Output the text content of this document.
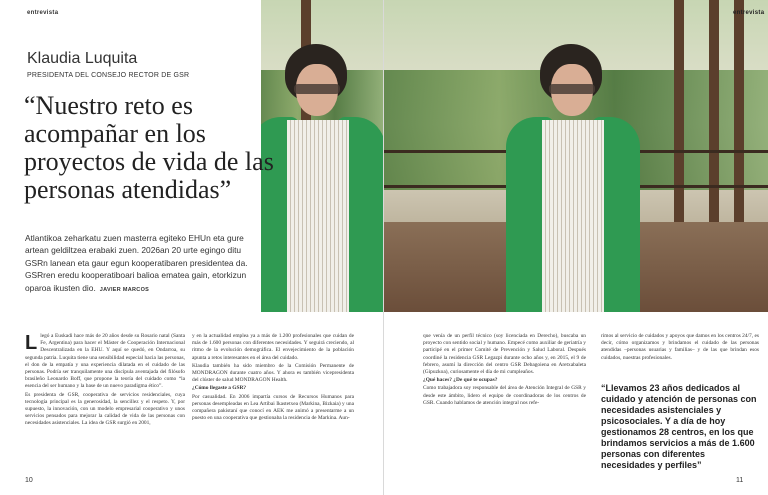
entrevista
Klaudia Luquita
PRESIDENTA DEL CONSEJO RECTOR DE GSR
“Nuestro reto es acompañar en los proyectos de vida de las personas atendidas”

Atlantikoa zeharkatu zuen masterra egiteko EHUn eta gure artean geldiltzea erabaki zuen. 2026an 20 urte egingo ditu GSRn lanean eta gaur egun kooperatibaren presidentea da. GSRren eredu kooperatiboari balioa ematea gain, etorkizun oparoa ikusten dio. JAVIER MARCOS

Llegó a Euskadi hace más de 20 años desde su Rosario natal (Santa Fe, Argentina) para hacer el Máster de Cooperación Internacional Descentralizada en la EHU. Y aquí se quedó, en Ondarroa, su segunda patria. Luquita tiene una sensibilidad especial hacia las personas, el don de la empatía y una experiencia dilatada en el cuidado de las personas. Podría ser tranquilamente una discípula aventajada del filósofo brasileño Leonardo Boff, que propone la teoría del cuidado como “la esencia del ser humano y la base de un nuevo paradigma ético”.

Es presidenta de GSR, cooperativa de servicios residenciales, cuya tecnología principal es la generosidad, la sencillez y el respeto. Y, por supuesto, la innovación, con un modelo empresarial cooperativo y unos servicios pensados para mejorar la calidad de vida de las personas con necesidades asistenciales. La idea de GSR surgió en 2001,

y en la actualidad emplea ya a más de 1.200 profesionales que cuidan de más de 1.600 personas con diferentes necesidades. Y seguirá creciendo, al ritmo de la evolución demográfica. El envejecimiento de la población apunta a retos interesantes en el área del cuidado.

Klaudia también ha sido miembro de la Comisión Permanente de MONDRAGON durante cuatro años. Y ahora es también vicepresidenta del clúster de salud MONDRAGON Health.

¿Cómo llegaste a GSR?

Por casualidad. En 2006 impartía cursos de Recursos Humanos para personas desempleadas en Lea Artibai Ikastetxea (Markina, Bizkaia) y una compañera pakistaní que conocí en AEK me animó a presentarme a un puesto en una cooperativa que gestionaba la residencia de Markina. Aun-

10
entrevista

que venía de un perfil técnico (soy licenciada en Derecho), buscaba un proyecto con sentido social y humano. Empecé como auxiliar de geriatría y participé en el primer Comité de Prevención y Salud Laboral. Después coordiné la residencia GSR Legazpi durante ocho años y, en 2015, el 9 de febrero, asumí la dirección del centro GSR Debagoiena en Aretxabaleta (Gipuzkoa), curiosamente el día de mi cumpleaños.

¿Qué haces? ¿De qué te ocupas?

Como trabajadora soy responsable del área de Atención Integral de GSR y desde este ámbito, lidero el equipo de coordinadoras de los centros de GSR. Cuando hablamos de atención integral nos refe-

rimos al servicio de cuidados y apoyos que damos en los centros 24/7, es decir, cómo organizamos y brindamos el cuidado de las personas atendidas –personas usuarias y familias– y de las que brindan esos cuidados, nuestras profesionales.

“Llevamos 23 años dedicados al cuidado y atención de personas con necesidades asistenciales y psicosociales. Y a día de hoy gestionamos 28 centros, en los que brindamos servicios a más de 1.600 personas con diferentes necesidades y perfiles”

11
